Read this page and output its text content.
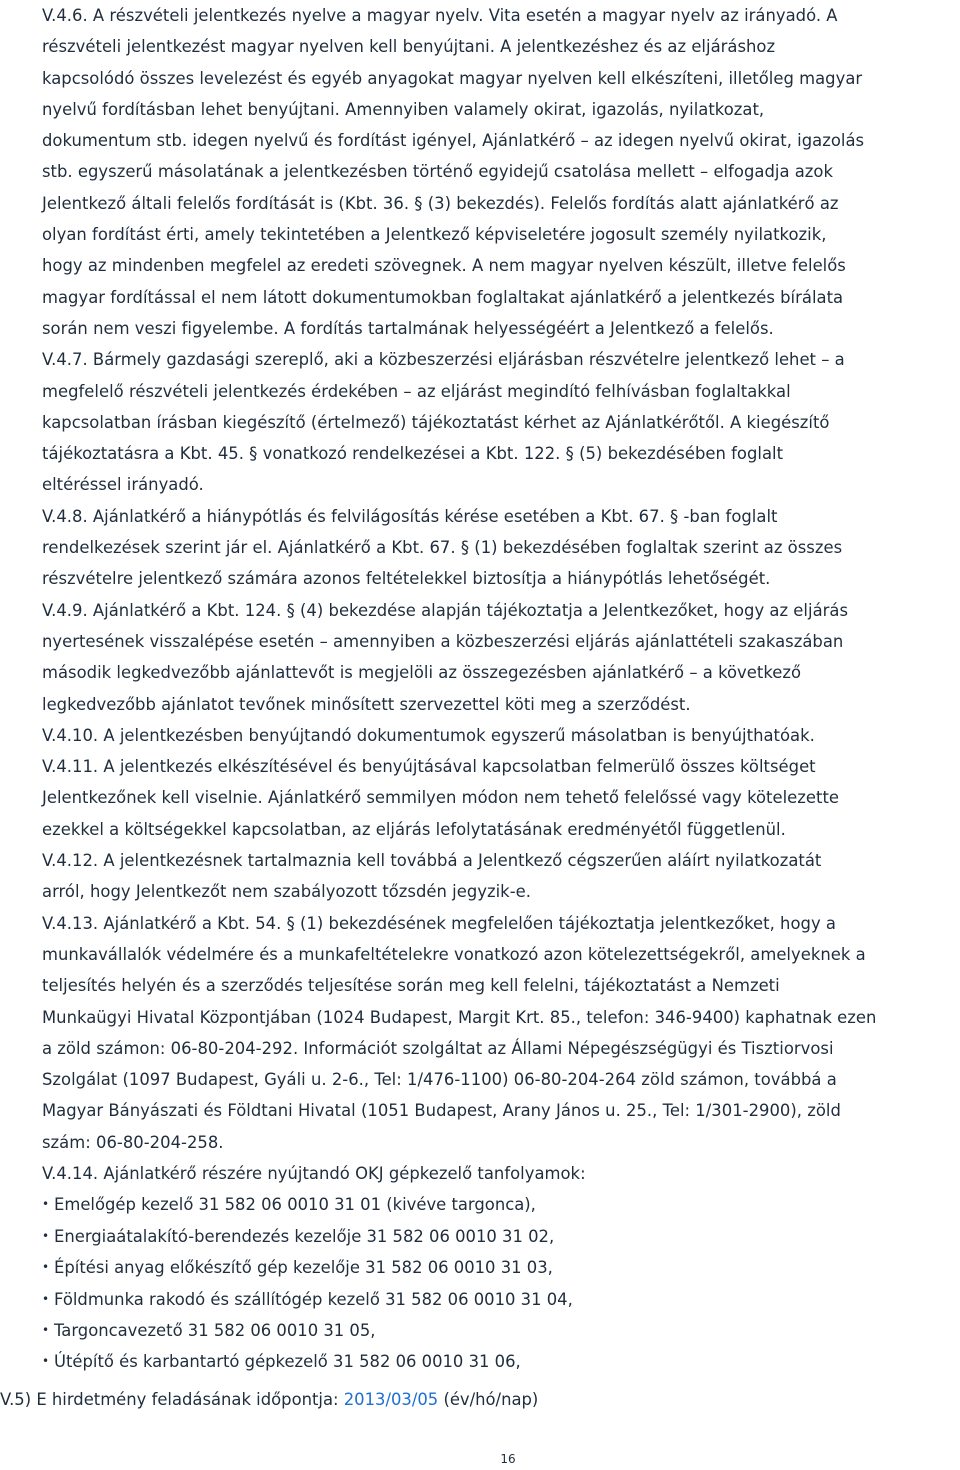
V.4.6. A részvételi jelentkezés nyelve a magyar nyelv. Vita esetén a magyar nyelv az irányadó. A
részvételi jelentkezést magyar nyelven kell benyújtani. A jelentkezéshez és az eljáráshoz
kapcsolódó összes levelezést és egyéb anyagokat magyar nyelven kell elkészíteni, illetőleg magyar
nyelvű fordításban lehet benyújtani. Amennyiben valamely okirat, igazolás, nyilatkozat,
dokumentum stb. idegen nyelvű és fordítást igényel, Ajánlatkérő – az idegen nyelvű okirat, igazolás
stb. egyszerű másolatának a jelentkezésben történő egyidejű csatolása mellett – elfogadja azok
Jelentkező általi felelős fordítását is (Kbt. 36. § (3) bekezdés). Felelős fordítás alatt ajánlatkérő az
olyan fordítást érti, amely tekintetében a Jelentkező képviseletére jogosult személy nyilatkozik,
hogy az mindenben megfelel az eredeti szövegnek. A nem magyar nyelven készült, illetve felelős
magyar fordítással el nem látott dokumentumokban foglaltakat ajánlatkérő a jelentkezés bírálata
során nem veszi figyelembe. A fordítás tartalmának helyességéért a Jelentkező a felelős.
V.4.7. Bármely gazdasági szereplő, aki a közbeszerzési eljárásban részvételre jelentkező lehet – a
megfelelő részvételi jelentkezés érdekében – az eljárást megindító felhívásban foglaltakkal
kapcsolatban írásban kiegészítő (értelmező) tájékoztatást kérhet az Ajánlatkérőtől. A kiegészítő
tájékoztatásra a Kbt. 45. § vonatkozó rendelkezései a Kbt. 122. § (5) bekezdésében foglalt
eltéréssel irányadó.
V.4.8. Ajánlatkérő a hiánypótlás és felvilágosítás kérése esetében a Kbt. 67. § -ban foglalt
rendelkezések szerint jár el. Ajánlatkérő a Kbt. 67. § (1) bekezdésében foglaltak szerint az összes
részvételre jelentkező számára azonos feltételekkel biztosítja a hiánypótlás lehetőségét.
V.4.9. Ajánlatkérő a Kbt. 124. § (4) bekezdése alapján tájékoztatja a Jelentkezőket, hogy az eljárás
nyertesének visszalépése esetén – amennyiben a közbeszerzési eljárás ajánlattételi szakaszában
második legkedvezőbb ajánlattevőt is megjelöli az összegezésben ajánlatkérő – a következő
legkedvezőbb ajánlatot tevőnek minősített szervezettel köti meg a szerződést.
V.4.10. A jelentkezésben benyújtandó dokumentumok egyszerű másolatban is benyújthatóak.
V.4.11. A jelentkezés elkészítésével és benyújtásával kapcsolatban felmerülő összes költséget
Jelentkezőnek kell viselnie. Ajánlatkérő semmilyen módon nem tehető felelőssé vagy kötelezette
ezekkel a költségekkel kapcsolatban, az eljárás lefolytatásának eredményétől függetlenül.
V.4.12. A jelentkezésnek tartalmaznia kell továbbá a Jelentkező cégszerűen aláírt nyilatkozatát
arról, hogy Jelentkezőt nem szabályozott tőzsdén jegyzik-e.
V.4.13. Ajánlatkérő a Kbt. 54. § (1) bekezdésének megfelelően tájékoztatja jelentkezőket, hogy a
munkavállalók védelmére és a munkafeltételekre vonatkozó azon kötelezettségekről, amelyeknek a
teljesítés helyén és a szerződés teljesítése során meg kell felelni, tájékoztatást a Nemzeti
Munkaügyi Hivatal Központjában (1024 Budapest, Margit Krt. 85., telefon: 346-9400) kaphatnak ezen
a zöld számon: 06-80-204-292. Információt szolgáltat az Állami Népegészségügyi és Tisztiorvosi
Szolgálat (1097 Budapest, Gyáli u. 2-6., Tel: 1/476-1100) 06-80-204-264 zöld számon, továbbá a
Magyar Bányászati és Földtani Hivatal (1051 Budapest, Arany János u. 25., Tel: 1/301-2900), zöld
szám: 06-80-204-258.
V.4.14. Ajánlatkérő részére nyújtandó OKJ gépkezelő tanfolyamok:
• Emelőgép kezelő 31 582 06 0010 31 01 (kivéve targonca),
• Energiaátalakító-berendezés kezelője 31 582 06 0010 31 02,
• Építési anyag előkészítő gép kezelője 31 582 06 0010 31 03,
• Földmunka rakodó és szállítógép kezelő 31 582 06 0010 31 04,
• Targoncavezető 31 582 06 0010 31 05,
• Útépítő és karbantartó gépkezelő 31 582 06 0010 31 06,
V.5) E hirdetmény feladásának időpontja: 2013/03/05 (év/hó/nap)
16
